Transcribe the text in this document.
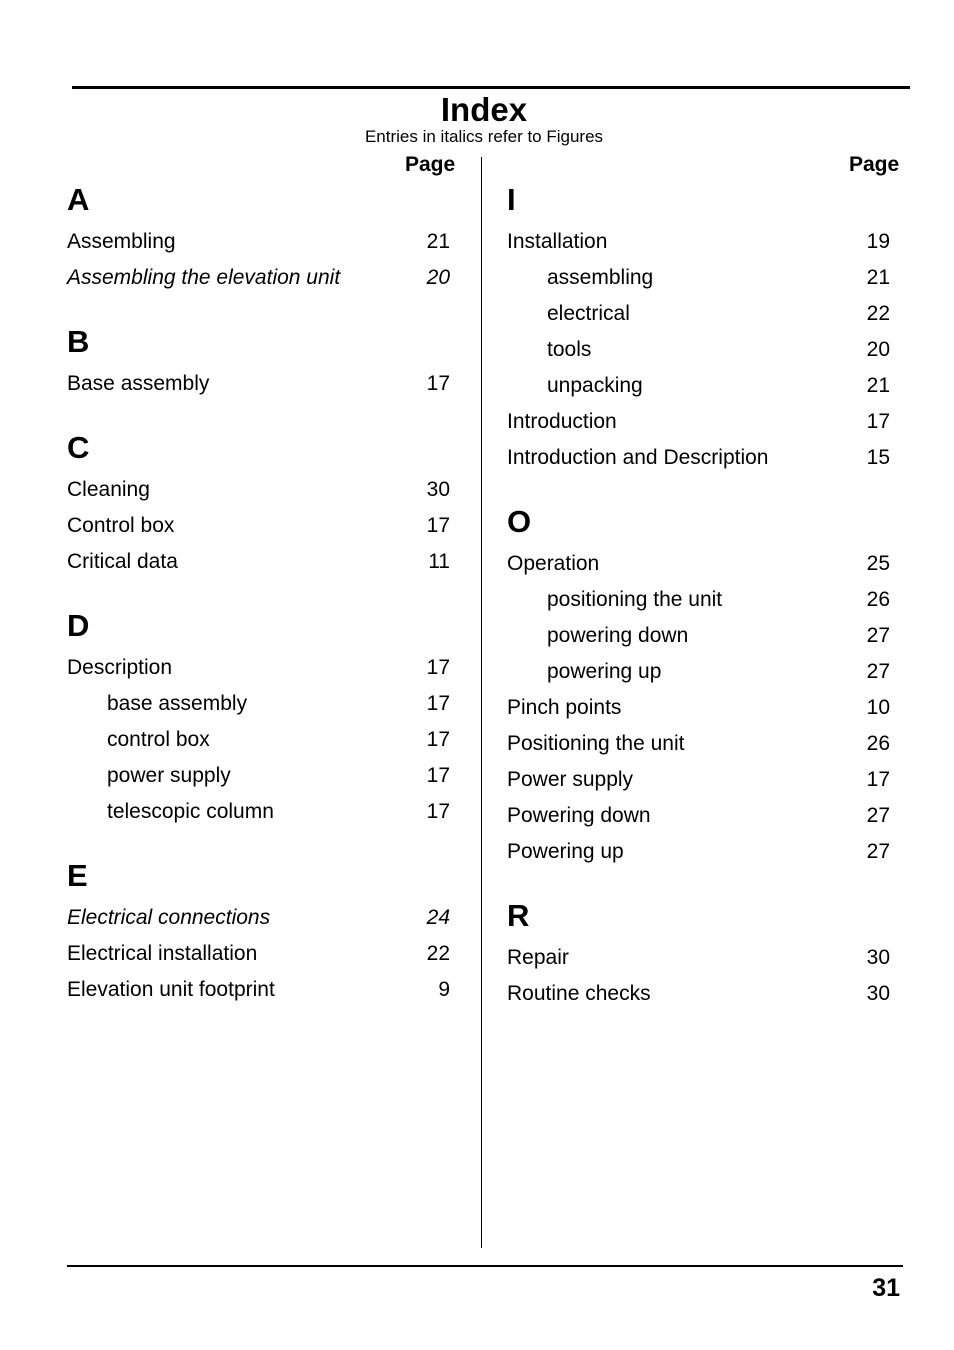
Index
Entries in italics refer to Figures
Page	Page
A
Assembling	21
Assembling the elevation unit	20
B
Base assembly	17
C
Cleaning	30
Control box	17
Critical data	11
D
Description	17
base assembly	17
control box	17
power supply	17
telescopic column	17
E
Electrical connections	24
Electrical installation	22
Elevation unit footprint	9
I
Installation	19
assembling	21
electrical	22
tools	20
unpacking	21
Introduction	17
Introduction and Description	15
O
Operation	25
positioning the unit	26
powering down	27
powering up	27
Pinch points	10
Positioning the unit	26
Power supply	17
Powering down	27
Powering up	27
R
Repair	30
Routine checks	30
31
